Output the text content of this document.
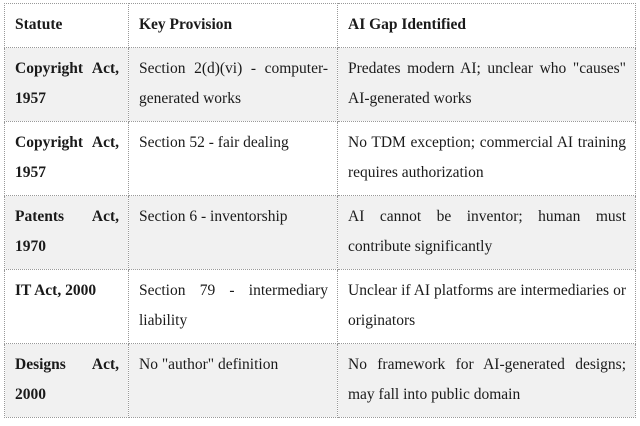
Statute	Key Provision	AI Gap Identified
Copyright Act, 1957	Section 2(d)(vi) - computer-generated works	Predates modern AI; unclear who "causes" AI-generated works
Copyright Act, 1957	Section 52 - fair dealing	No TDM exception; commercial AI training requires authorization
Patents Act, 1970	Section 6 - inventorship	AI cannot be inventor; human must contribute significantly
IT Act, 2000	Section 79 - intermediary liability	Unclear if AI platforms are intermediaries or originators
Designs Act, 2000	No "author" definition	No framework for AI-generated designs; may fall into public domain
